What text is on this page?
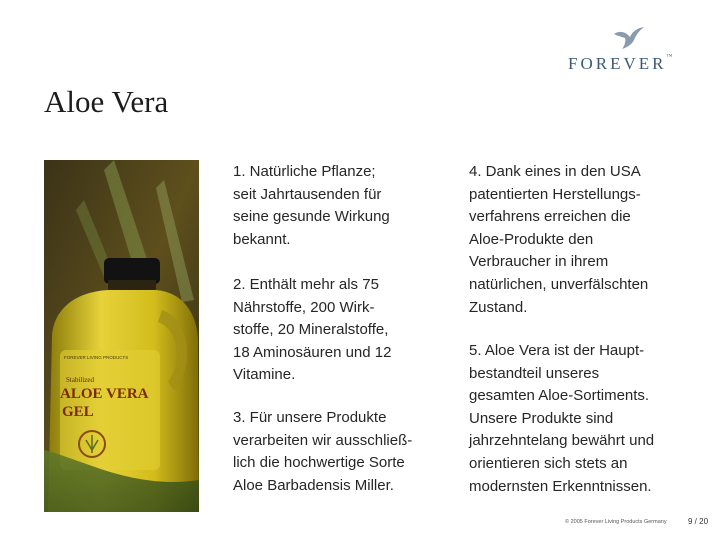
FOREVER™
Aloe Vera
FOREVER LIVING PRODUCTS
Stabilized
ALOE VERA
GEL

1. Natürliche Pflanze;
seit Jahrtausenden für
seine gesunde Wirkung
bekannt.

2. Enthält mehr als 75
Nährstoffe, 200 Wirk-
stoffe, 20 Mineralstoffe,
18 Aminosäuren und 12
Vitamine.

3. Für unsere Produkte
verarbeiten wir ausschließ-
lich die hochwertige Sorte
Aloe Barbadensis Miller.

4. Dank eines in den USA
patentierten Herstellungs-
verfahrens erreichen die
Aloe-Produkte den
Verbraucher in ihrem
natürlichen, unverfälschten
Zustand.

5. Aloe Vera ist der Haupt-
bestandteil unseres
gesamten Aloe-Sortiments.
Unsere Produkte sind
jahrzehntelang bewährt und
orientieren sich stets an
modernsten Erkenntnissen.

© 2005 Forever Living Products Germany	9 / 20
